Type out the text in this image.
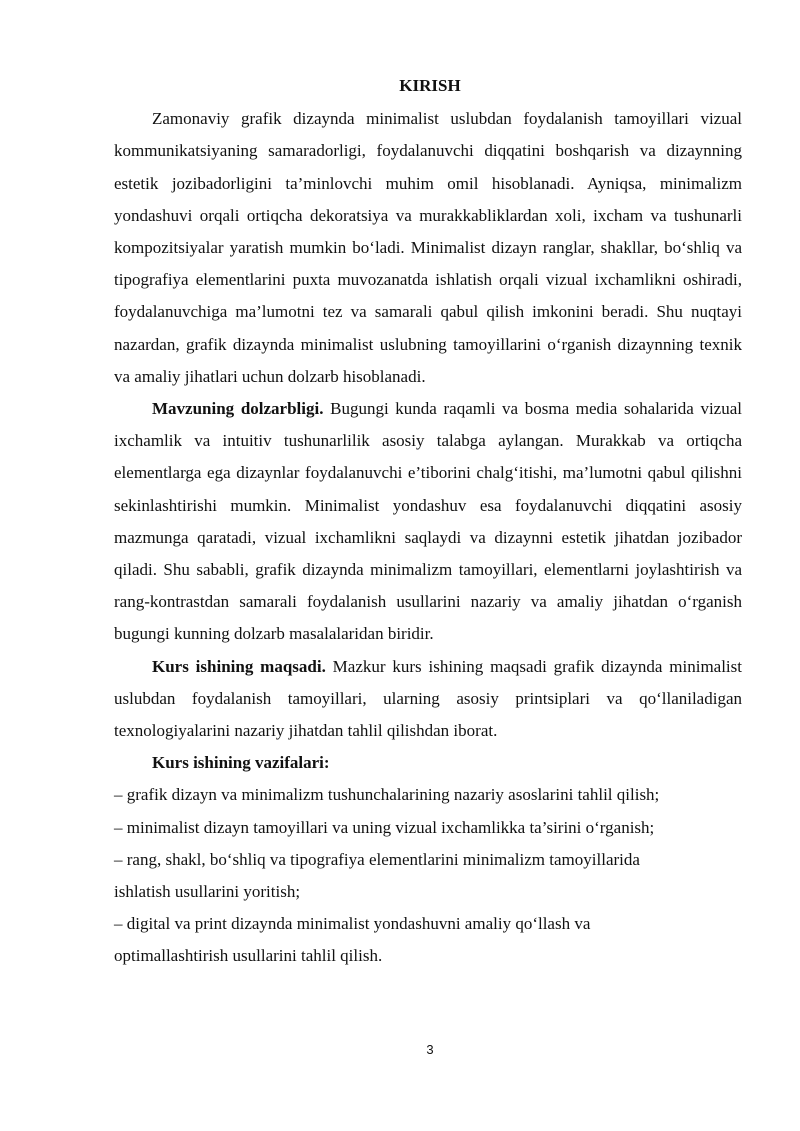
KIRISH

Zamonaviy grafik dizaynda minimalist uslubdan foydalanish tamoyillari vizual kommunikatsiyaning samaradorligi, foydalanuvchi diqqatini boshqarish va dizaynning estetik jozibadorligini ta’minlovchi muhim omil hisoblanadi. Ayniqsa, minimalizm yondashuvi orqali ortiqcha dekoratsiya va murakkabliklardan xoli, ixcham va tushunarli kompozitsiyalar yaratish mumkin bo‘ladi. Minimalist dizayn ranglar, shakllar, bo‘shliq va tipografiya elementlarini puxta muvozanatda ishlatish orqali vizual ixchamlikni oshiradi, foydalanuvchiga ma’lumotni tez va samarali qabul qilish imkonini beradi. Shu nuqtayi nazardan, grafik dizaynda minimalist uslubning tamoyillarini o‘rganish dizaynning texnik va amaliy jihatlari uchun dolzarb hisoblanadi.

Mavzuning dolzarbligi. Bugungi kunda raqamli va bosma media sohalarida vizual ixchamlik va intuitiv tushunarlilik asosiy talabga aylangan. Murakkab va ortiqcha elementlarga ega dizaynlar foydalanuvchi e’tiborini chalg‘itishi, ma’lumotni qabul qilishni sekinlashtirishi mumkin. Minimalist yondashuv esa foydalanuvchi diqqatini asosiy mazmunga qaratadi, vizual ixchamlikni saqlaydi va dizaynni estetik jihatdan jozibador qiladi. Shu sababli, grafik dizaynda minimalizm tamoyillari, elementlarni joylashtirish va rang-kontrastdan samarali foydalanish usullarini nazariy va amaliy jihatdan o‘rganish bugungi kunning dolzarb masalalaridan biridir.

Kurs ishining maqsadi. Mazkur kurs ishining maqsadi grafik dizaynda minimalist uslubdan foydalanish tamoyillari, ularning asosiy printsiplari va qo‘llaniladigan texnologiyalarini nazariy jihatdan tahlil qilishdan iborat.

Kurs ishining vazifalari:

– grafik dizayn va minimalizm tushunchalarining nazariy asoslarini tahlil qilish;

– minimalist dizayn tamoyillari va uning vizual ixchamlikka ta’sirini o‘rganish;

– rang, shakl, bo‘shliq va tipografiya elementlarini minimalizm tamoyillarida

ishlatish usullarini yoritish;

– digital va print dizaynda minimalist yondashuvni amaliy qo‘llash va

optimallashtirish usullarini tahlil qilish.

3
